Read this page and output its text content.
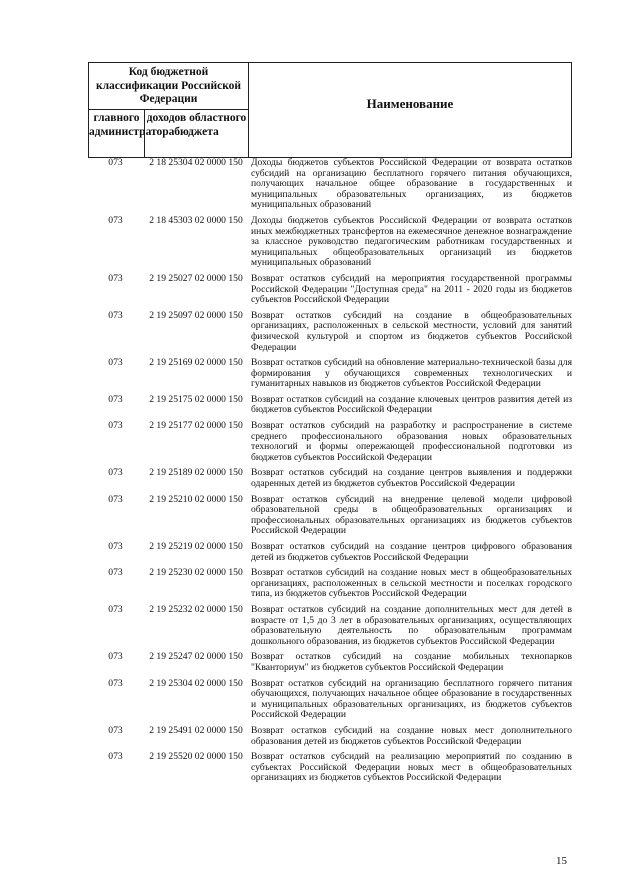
Код бюджетной классификации Российской Федерации
главного администратора
доходов областного бюджета
Наименование
073	2 18 25304 02 0000 150 Доходы бюджетов субъектов Российской Федерации от возврата остатков субсидий на организацию бесплатного горячего питания обучающихся, получающих начальное общее образование в государственных и муниципальных образовательных организациях, из бюджетов муниципальных образований
073	2 18 45303 02 0000 150 Доходы бюджетов субъектов Российской Федерации от возврата остатков иных межбюджетных трансфертов на ежемесячное денежное вознаграждение за классное руководство педагогическим работникам государственных и муниципальных общеобразовательных организаций из бюджетов муниципальных образований
073	2 19 25027 02 0000 150 Возврат остатков субсидий на мероприятия государственной программы Российской Федерации "Доступная среда" на 2011 - 2020 годы из бюджетов субъектов Российской Федерации
073	2 19 25097 02 0000 150 Возврат остатков субсидий на создание в общеобразовательных организациях, расположенных в сельской местности, условий для занятий физической культурой и спортом из бюджетов субъектов Российской Федерации
073	2 19 25169 02 0000 150 Возврат остатков субсидий на обновление материально-технической базы для формирования у обучающихся современных технологических и гуманитарных навыков из бюджетов субъектов Российской Федерации
073	2 19 25175 02 0000 150 Возврат остатков субсидий на создание ключевых центров развития детей из бюджетов субъектов Российской Федерации
073	2 19 25177 02 0000 150 Возврат остатков субсидий на разработку и распространение в системе среднего профессионального образования новых образовательных технологий и формы опережающей профессиональной подготовки из бюджетов субъектов Российской Федерации
073	2 19 25189 02 0000 150 Возврат остатков субсидий на создание центров выявления и поддержки одаренных детей из бюджетов субъектов Российской Федерации
073	2 19 25210 02 0000 150 Возврат остатков субсидий на внедрение целевой модели цифровой образовательной среды в общеобразовательных организациях и профессиональных образовательных организациях из бюджетов субъектов Российской Федерации
073	2 19 25219 02 0000 150 Возврат остатков субсидий на создание центров цифрового образования детей из бюджетов субъектов Российской Федерации
073	2 19 25230 02 0000 150 Возврат остатков субсидий на создание новых мест в общеобразовательных организациях, расположенных в сельской местности и поселках городского типа, из бюджетов субъектов Российской Федерации
073	2 19 25232 02 0000 150 Возврат остатков субсидий на создание дополнительных мест для детей в возрасте от 1,5 до 3 лет в образовательных организациях, осуществляющих образовательную деятельность по образовательным программам дошкольного образования, из бюджетов субъектов Российской Федерации
073	2 19 25247 02 0000 150 Возврат остатков субсидий на создание мобильных технопарков "Кванториум" из бюджетов субъектов Российской Федерации
073	2 19 25304 02 0000 150 Возврат остатков субсидий на организацию бесплатного горячего питания обучающихся, получающих начальное общее образование в государственных и муниципальных образовательных организациях, из бюджетов субъектов Российской Федерации
073	2 19 25491 02 0000 150 Возврат остатков субсидий на создание новых мест дополнительного образования детей из бюджетов субъектов Российской Федерации
073	2 19 25520 02 0000 150 Возврат остатков субсидий на реализацию мероприятий по созданию в субъектах Российской Федерации новых мест в общеобразовательных организациях из бюджетов субъектов Российской Федерации
15
